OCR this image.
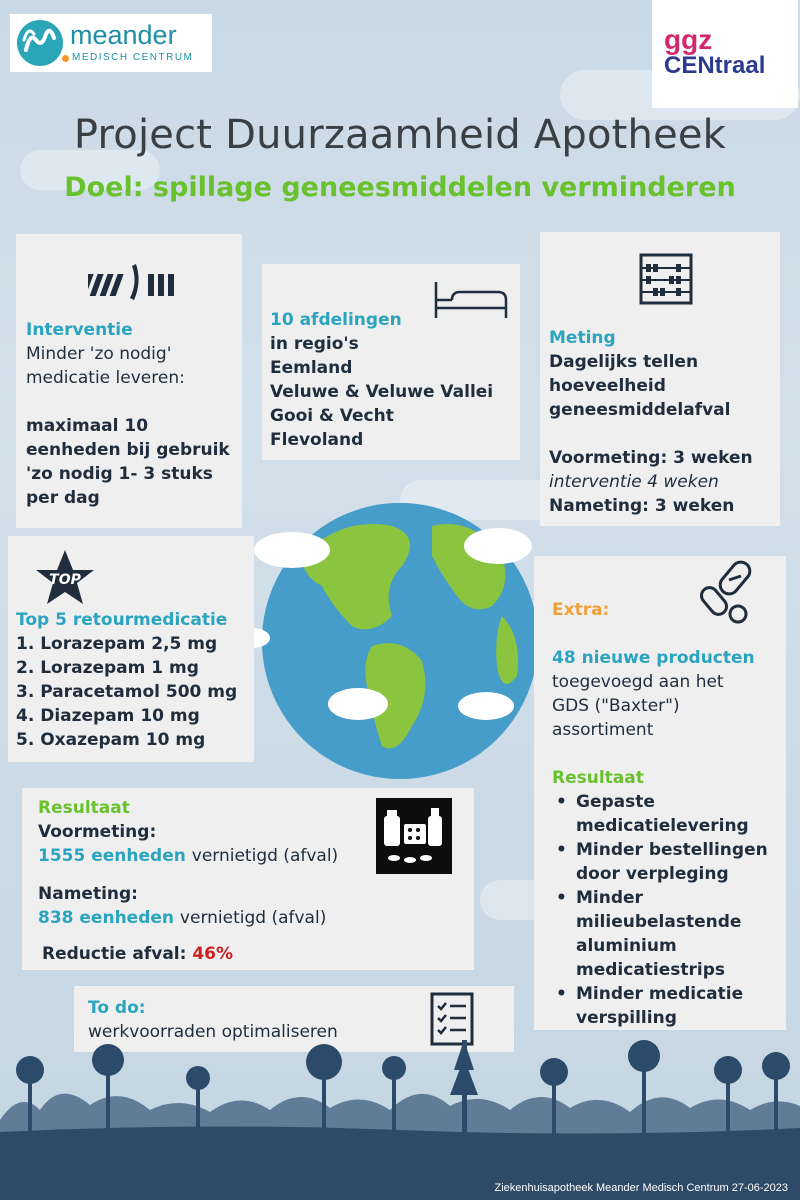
meander
MEDISCH CENTRUM
ggz
CENtraal
Project Duurzaamheid Apotheek
Doel: spillage geneesmiddelen verminderen
Interventie
Minder 'zo nodig'
medicatie leveren:
maximaal 10
eenheden bij gebruik
'zo nodig 1- 3 stuks
per dag
10 afdelingen
in regio's
Eemland
Veluwe & Veluwe Vallei
Gooi & Vecht
Flevoland
Meting
Dagelijks tellen
hoeveelheid
geneesmiddelafval
Voormeting: 3 weken
interventie 4 weken
Nameting: 3 weken
TOP
Top 5 retourmedicatie
1. Lorazepam 2,5 mg
2. Lorazepam 1 mg
3. Paracetamol 500 mg
4. Diazepam 10 mg
5. Oxazepam 10 mg
Extra:
48 nieuwe producten
toegevoegd aan het
GDS ("Baxter")
assortiment
Resultaat
• Gepaste
medicatielevering
• Minder bestellingen
door verpleging
• Minder
milieubelastende
aluminium
medicatiestrips
• Minder medicatie
verspilling
Resultaat
Voormeting:
1555 eenheden vernietigd (afval)
Nameting:
838 eenheden vernietigd (afval)
Reductie afval: 46%
To do:
werkvoorraden optimaliseren
Ziekenhuisapotheek Meander Medisch Centrum 27-06-2023
